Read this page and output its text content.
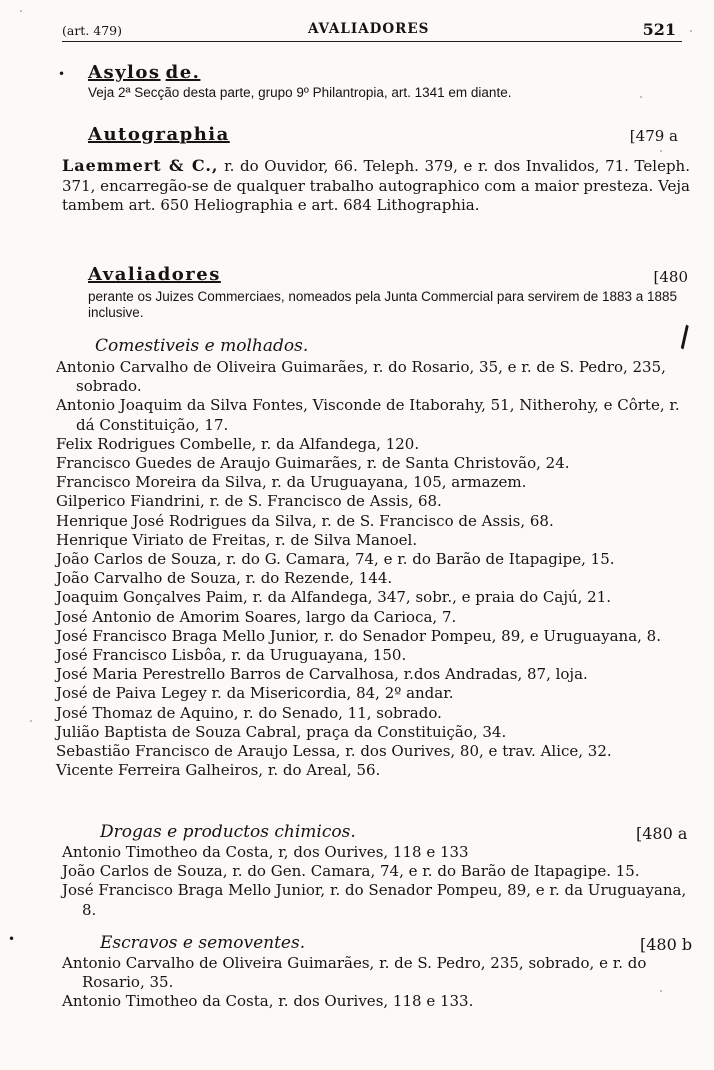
(art. 479)	AVALIADORES	521
• Asylos de.
Veja 2ª Secção desta parte, grupo 9º Philantropia, art. 1341 em diante.
Autographia	[479 a
Laemmert & C., r. do Ouvidor, 66. Teleph. 379, e r. dos Invalidos, 71. Teleph. 371, encarregão-se de qualquer trabalho autographico com a maior presteza. Veja tambem art. 650 Heliographia e art. 684 Lithographia.
Avaliadores	[480
perante os Juizes Commerciaes, nomeados pela Junta Commercial para servirem de 1883 a 1885 inclusive.
\
Comestiveis e molhados.
Antonio Carvalho de Oliveira Guimarães, r. do Rosario, 35, e r. de S. Pedro, 235, sobrado.
Antonio Joaquim da Silva Fontes, Visconde de Itaborahy, 51, Nitherohy, e Côrte, r. dá Constituição, 17.
Felix Rodrigues Combelle, r. da Alfandega, 120.
Francisco Guedes de Araujo Guimarães, r. de Santa Christovão, 24.
Francisco Moreira da Silva, r. da Uruguayana, 105, armazem.
Gilperico Fiandrini, r. de S. Francisco de Assis, 68.
Henrique José Rodrigues da Silva, r. de S. Francisco de Assis, 68.
Henrique Viriato de Freitas, r. de Silva Manoel.
João Carlos de Souza, r. do G. Camara, 74, e r. do Barão de Itapagipe, 15.
João Carvalho de Souza, r. do Rezende, 144.
Joaquim Gonçalves Paim, r. da Alfandega, 347, sobr., e praia do Cajú, 21.
José Antonio de Amorim Soares, largo da Carioca, 7.
José Francisco Braga Mello Junior, r. do Senador Pompeu, 89, e Uruguayana, 8.
José Francisco Lisbôa, r. da Uruguayana, 150.
José Maria Perestrello Barros de Carvalhosa, r.dos Andradas, 87, loja.
José de Paiva Legey r. da Misericordia, 84, 2º andar.
José Thomaz de Aquino, r. do Senado, 11, sobrado.
Julião Baptista de Souza Cabral, praça da Constituição, 34.
Sebastião Francisco de Araujo Lessa, r. dos Ourives, 80, e trav. Alice, 32.
Vicente Ferreira Galheiros, r. do Areal, 56.
Drogas e productos chimicos.	[480 a
Antonio Timotheo da Costa, r, dos Ourives, 118 e 133
João Carlos de Souza, r. do Gen. Camara, 74, e r. do Barão de Itapagipe. 15.
José Francisco Braga Mello Junior, r. do Senador Pompeu, 89, e r. da Uruguayana, 8.
•	Escravos e semoventes.	[480 b
Antonio Carvalho de Oliveira Guimarães, r. de S. Pedro, 235, sobrado, e r. do Rosario, 35.
Antonio Timotheo da Costa, r. dos Ourives, 118 e 133.
